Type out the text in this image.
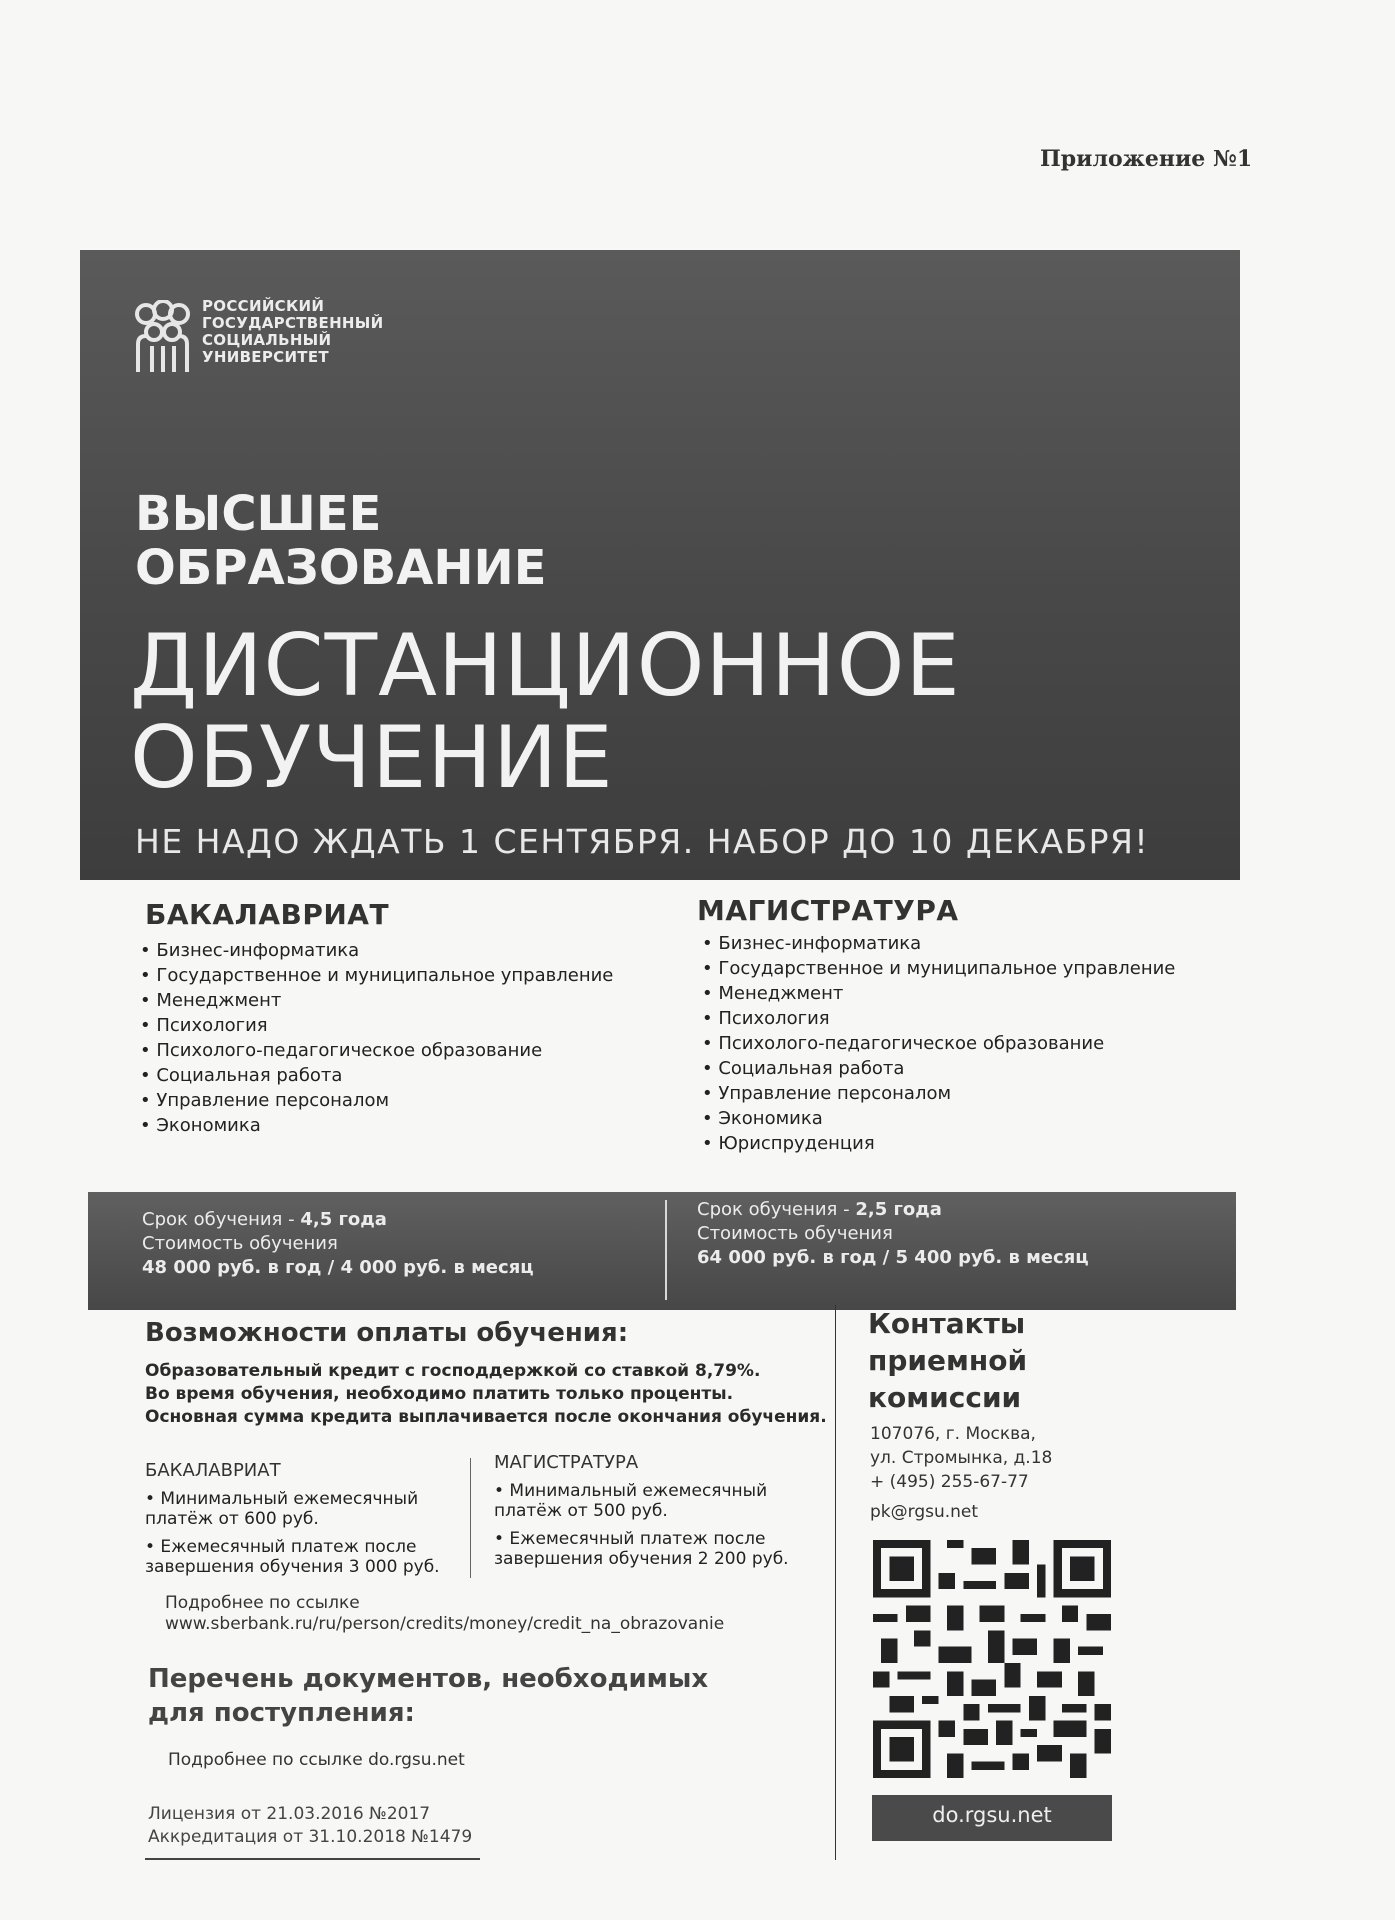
Приложение №1
РОССИЙСКИЙ
ГОСУДАРСТВЕННЫЙ
СОЦИАЛЬНЫЙ
УНИВЕРСИТЕТ
ВЫСШЕЕ
ОБРАЗОВАНИЕ
ДИСТАНЦИОННОЕ
ОБУЧЕНИЕ
НЕ НАДО ЖДАТЬ 1 СЕНТЯБРЯ. НАБОР ДО 10 ДЕКАБРЯ!
БАКАЛАВРИАТ
• Бизнес-информатика
• Государственное и муниципальное управление
• Менеджмент
• Психология
• Психолого-педагогическое образование
• Социальная работа
• Управление персоналом
• Экономика
МАГИСТРАТУРА
• Бизнес-информатика
• Государственное и муниципальное управление
• Менеджмент
• Психология
• Психолого-педагогическое образование
• Социальная работа
• Управление персоналом
• Экономика
• Юриспруденция
Срок обучения - 4,5 года
Стоимость обучения
48 000 руб. в год / 4 000 руб. в месяц
Срок обучения - 2,5 года
Стоимость обучения
64 000 руб. в год / 5 400 руб. в месяц
Возможности оплаты обучения:
Образовательный кредит с господдержкой со ставкой 8,79%.
Во время обучения, необходимо платить только проценты.
Основная сумма кредита выплачивается после окончания обучения.
БАКАЛАВРИАТ
• Минимальный ежемесячный платёж от 600 руб.
• Ежемесячный платеж после завершения обучения 3 000 руб.
МАГИСТРАТУРА
• Минимальный ежемесячный платёж от 500 руб.
• Ежемесячный платеж после завершения обучения 2 200 руб.
Подробнее по ссылке
www.sberbank.ru/ru/person/credits/money/credit_na_obrazovanie
Перечень документов, необходимых
для поступления:
Подробнее по ссылке do.rgsu.net
Лицензия от 21.03.2016 №2017
Аккредитация от 31.10.2018 №1479
Контакты
приемной
комиссии
107076, г. Москва,
ул. Стромынка, д.18
+ (495) 255-67-77
pk@rgsu.net
do.rgsu.net
